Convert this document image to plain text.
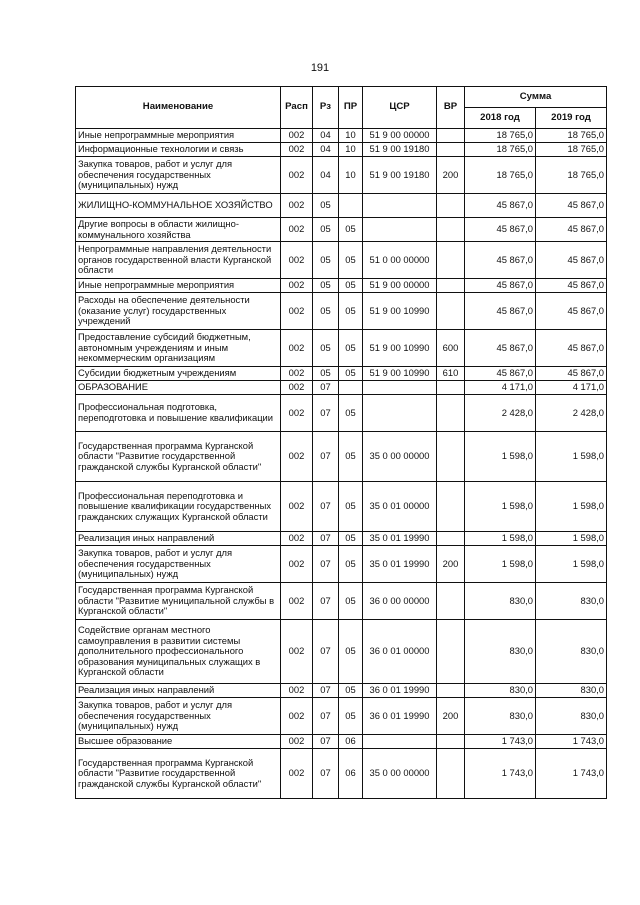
191
Наименование	Расп	Рз	ПР	ЦСР	ВР	Сумма	
						2018 год	2019 год
Иные непрограммные мероприятия	002	04	10	51 9 00 00000		18 765,0	18 765,0
Информационные технологии и связь	002	04	10	51 9 00 19180		18 765,0	18 765,0
Закупка товаров, работ и услуг для обеспечения государственных (муниципальных) нужд	002	04	10	51 9 00 19180	200	18 765,0	18 765,0
ЖИЛИЩНО-КОММУНАЛЬНОЕ ХОЗЯЙСТВО	002	05				45 867,0	45 867,0
Другие вопросы в области жилищно-коммунального хозяйства	002	05	05			45 867,0	45 867,0
Непрограммные направления деятельности органов государственной власти Курганской области	002	05	05	51 0 00 00000		45 867,0	45 867,0
Иные непрограммные мероприятия	002	05	05	51 9 00 00000		45 867,0	45 867,0
Расходы на обеспечение деятельности (оказание услуг) государственных учреждений	002	05	05	51 9 00 10990		45 867,0	45 867,0
Предоставление субсидий бюджетным, автономным учреждениям и иным некоммерческим организациям	002	05	05	51 9 00 10990	600	45 867,0	45 867,0
Субсидии бюджетным учреждениям	002	05	05	51 9 00 10990	610	45 867,0	45 867,0
ОБРАЗОВАНИЕ	002	07				4 171,0	4 171,0
Профессиональная подготовка, переподготовка и повышение квалификации	002	07	05			2 428,0	2 428,0
Государственная программа Курганской области "Развитие государственной гражданской службы Курганской области"	002	07	05	35 0 00 00000		1 598,0	1 598,0
Профессиональная переподготовка и повышение квалификации государственных гражданских служащих Курганской области	002	07	05	35 0 01 00000		1 598,0	1 598,0
Реализация иных направлений	002	07	05	35 0 01 19990		1 598,0	1 598,0
Закупка товаров, работ и услуг для обеспечения государственных (муниципальных) нужд	002	07	05	35 0 01 19990	200	1 598,0	1 598,0
Государственная программа Курганской области "Развитие муниципальной службы в Курганской области"	002	07	05	36 0 00 00000		830,0	830,0
Содействие органам местного самоуправления в развитии системы дополнительного профессионального образования муниципальных служащих в Курганской области	002	07	05	36 0 01 00000		830,0	830,0
Реализация иных направлений	002	07	05	36 0 01 19990		830,0	830,0
Закупка товаров, работ и услуг для обеспечения государственных (муниципальных) нужд	002	07	05	36 0 01 19990	200	830,0	830,0
Высшее образование	002	07	06			1 743,0	1 743,0
Государственная программа Курганской области "Развитие государственной гражданской службы Курганской области"	002	07	06	35 0 00 00000		1 743,0	1 743,0
